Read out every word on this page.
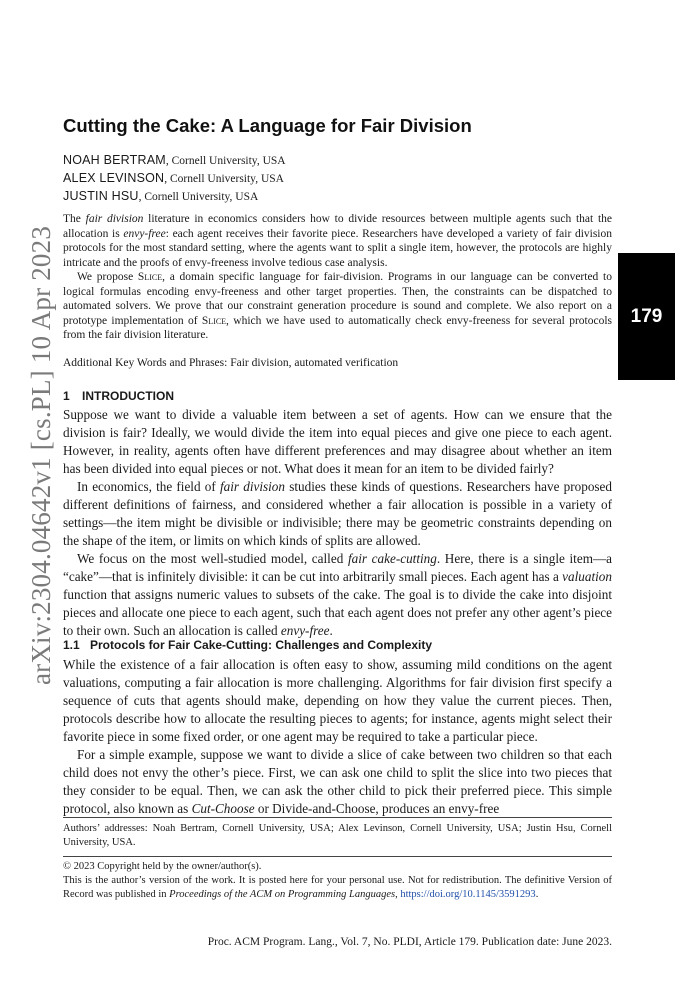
arXiv:2304.04642v1 [cs.PL] 10 Apr 2023	179
Cutting the Cake: A Language for Fair Division
NOAH BERTRAM, Cornell University, USA
ALEX LEVINSON, Cornell University, USA
JUSTIN HSU, Cornell University, USA

The fair division literature in economics considers how to divide resources between multiple agents such that the allocation is envy-free: each agent receives their favorite piece. Researchers have developed a variety of fair division protocols for the most standard setting, where the agents want to split a single item, however, the protocols are highly intricate and the proofs of envy-freeness involve tedious case analysis.

We propose Slice, a domain specific language for fair-division. Programs in our language can be converted to logical formulas encoding envy-freeness and other target properties. Then, the constraints can be dispatched to automated solvers. We prove that our constraint generation procedure is sound and complete. We also report on a prototype implementation of Slice, which we have used to automatically check envy-freeness for several protocols from the fair division literature.

Additional Key Words and Phrases: Fair division, automated verification
1 INTRODUCTION

Suppose we want to divide a valuable item between a set of agents. How can we ensure that the division is fair? Ideally, we would divide the item into equal pieces and give one piece to each agent. However, in reality, agents often have different preferences and may disagree about whether an item has been divided into equal pieces or not. What does it mean for an item to be divided fairly?

In economics, the field of fair division studies these kinds of questions. Researchers have proposed different definitions of fairness, and considered whether a fair allocation is possible in a variety of settings—the item might be divisible or indivisible; there may be geometric constraints depending on the shape of the item, or limits on which kinds of splits are allowed.

We focus on the most well-studied model, called fair cake-cutting. Here, there is a single item—a “cake”—that is infinitely divisible: it can be cut into arbitrarily small pieces. Each agent has a valuation function that assigns numeric values to subsets of the cake. The goal is to divide the cake into disjoint pieces and allocate one piece to each agent, such that each agent does not prefer any other agent’s piece to their own. Such an allocation is called envy-free.

1.1 Protocols for Fair Cake-Cutting: Challenges and Complexity

While the existence of a fair allocation is often easy to show, assuming mild conditions on the agent valuations, computing a fair allocation is more challenging. Algorithms for fair division first specify a sequence of cuts that agents should make, depending on how they value the current pieces. Then, protocols describe how to allocate the resulting pieces to agents; for instance, agents might select their favorite piece in some fixed order, or one agent may be required to take a particular piece.

For a simple example, suppose we want to divide a slice of cake between two children so that each child does not envy the other’s piece. First, we can ask one child to split the slice into two pieces that they consider to be equal. Then, we can ask the other child to pick their preferred piece. This simple protocol, also known as Cut-Choose or Divide-and-Choose, produces an envy-free

Authors’ addresses: Noah Bertram, Cornell University, USA; Alex Levinson, Cornell University, USA; Justin Hsu, Cornell University, USA.

© 2023 Copyright held by the owner/author(s).

This is the author’s version of the work. It is posted here for your personal use. Not for redistribution. The definitive Version of Record was published in Proceedings of the ACM on Programming Languages, https://doi.org/10.1145/3591293.

Proc. ACM Program. Lang., Vol. 7, No. PLDI, Article 179. Publication date: June 2023.
